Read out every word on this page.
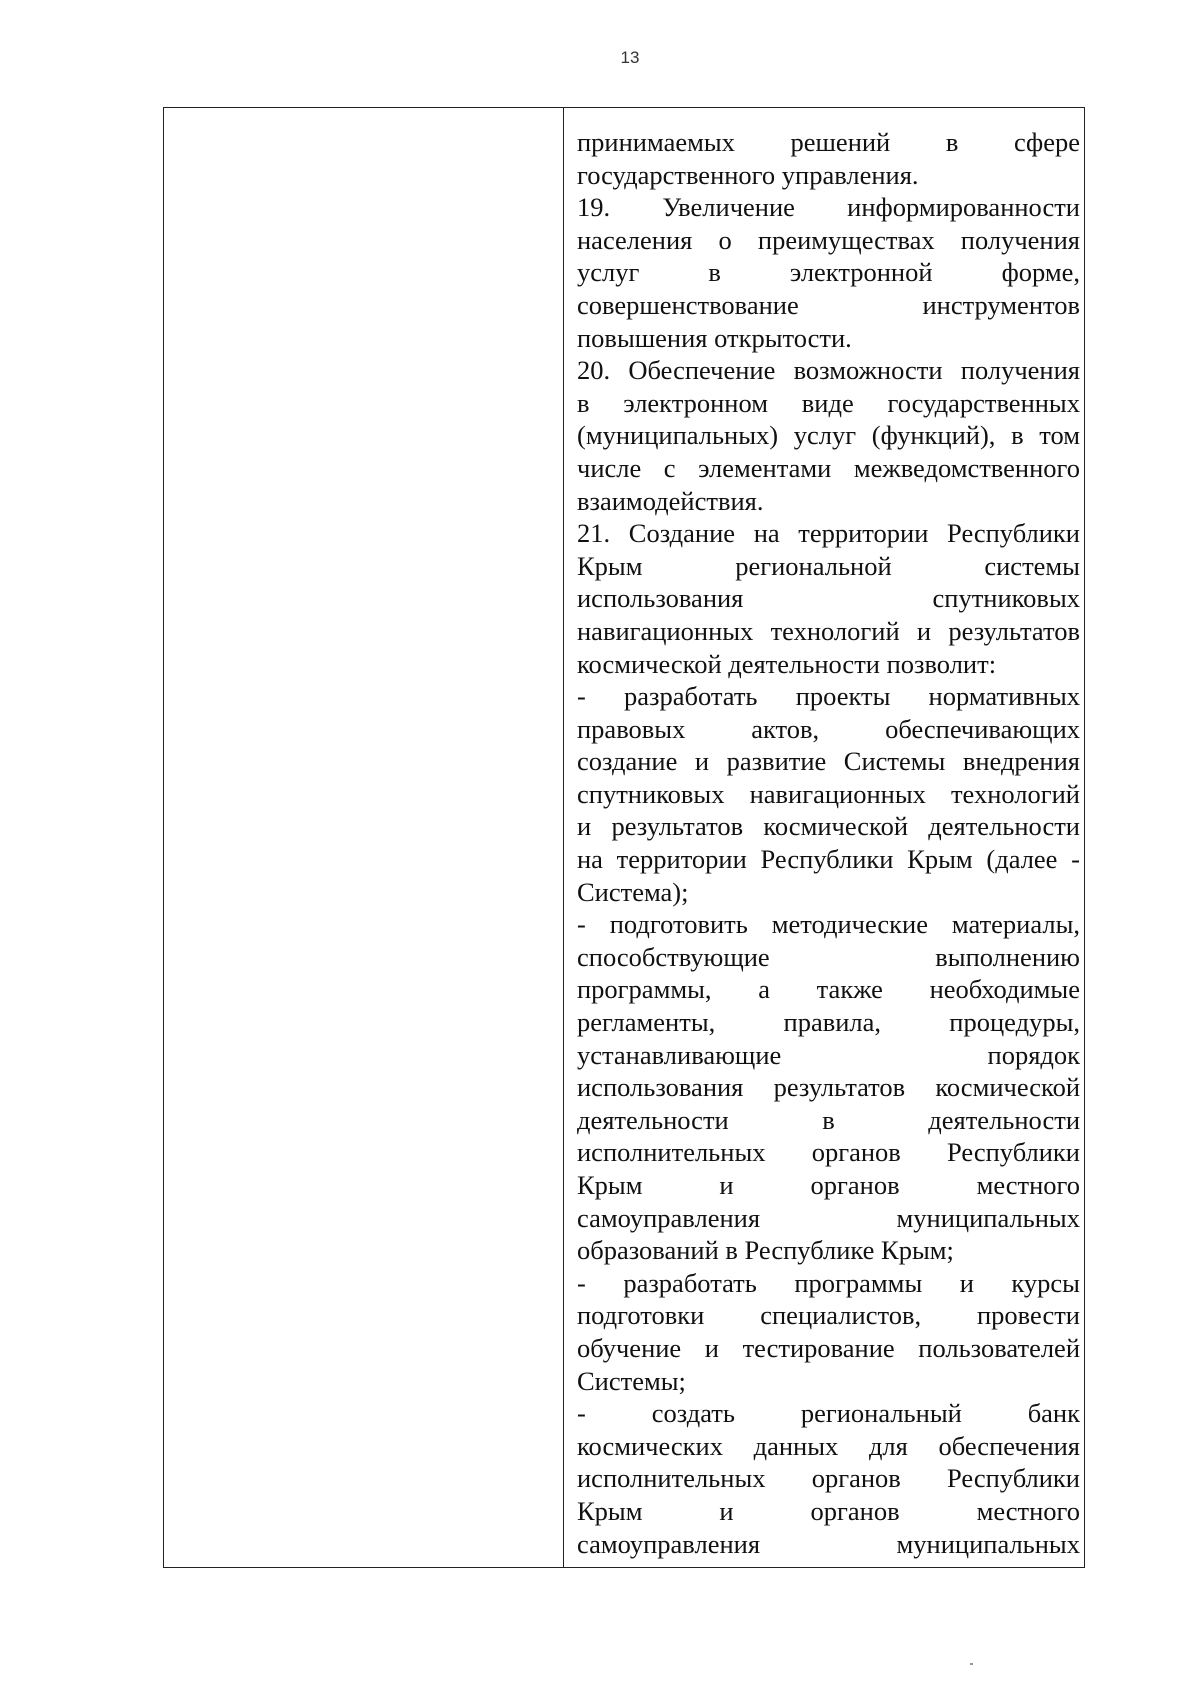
13
принимаемых решений в сфере
государственного управления.
19. Увеличение информированности
населения о преимуществах получения
услуг в электронной форме,
совершенствование инструментов
повышения открытости.
20. Обеспечение возможности получения
в электронном виде государственных
(муниципальных) услуг (функций), в том
числе с элементами межведомственного
взаимодействия.
21. Создание на территории Республики
Крым региональной системы
использования спутниковых
навигационных технологий и результатов
космической деятельности позволит:
- разработать проекты нормативных
правовых актов, обеспечивающих
создание и развитие Системы внедрения
спутниковых навигационных технологий
и результатов космической деятельности
на территории Республики Крым (далее -
Система);
- подготовить методические материалы,
способствующие выполнению
программы, а также необходимые
регламенты, правила, процедуры,
устанавливающие порядок
использования результатов космической
деятельности в деятельности
исполнительных органов Республики
Крым и органов местного
самоуправления муниципальных
образований в Республике Крым;
- разработать программы и курсы
подготовки специалистов, провести
обучение и тестирование пользователей
Системы;
- создать региональный банк
космических данных для обеспечения
исполнительных органов Республики
Крым и органов местного
самоуправления муниципальных
